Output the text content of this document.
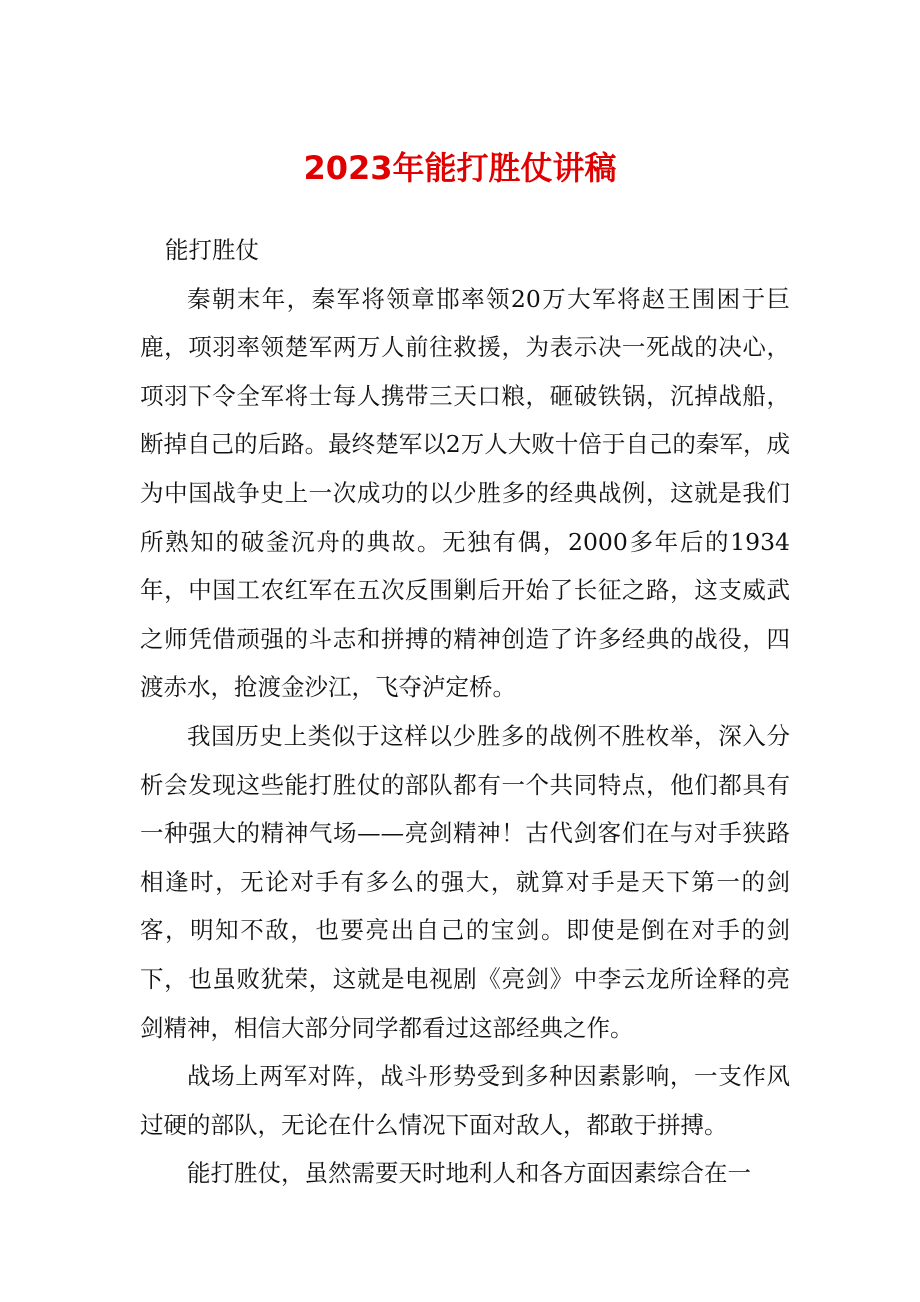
2023年能打胜仗讲稿

能打胜仗

秦朝末年，秦军将领章邯率领20万大军将赵王围困于巨鹿，项羽率领楚军两万人前往救援，为表示决一死战的决心，项羽下令全军将士每人携带三天口粮，砸破铁锅，沉掉战船，断掉自己的后路。最终楚军以2万人大败十倍于自己的秦军，成为中国战争史上一次成功的以少胜多的经典战例，这就是我们所熟知的破釜沉舟的典故。无独有偶，2000多年后的1934年，中国工农红军在五次反围剿后开始了长征之路，这支威武之师凭借顽强的斗志和拼搏的精神创造了许多经典的战役，四渡赤水，抢渡金沙江，飞夺泸定桥。

我国历史上类似于这样以少胜多的战例不胜枚举，深入分析会发现这些能打胜仗的部队都有一个共同特点，他们都具有一种强大的精神气场——亮剑精神！古代剑客们在与对手狭路相逢时，无论对手有多么的强大，就算对手是天下第一的剑客，明知不敌，也要亮出自己的宝剑。即使是倒在对手的剑下，也虽败犹荣，这就是电视剧《亮剑》中李云龙所诠释的亮剑精神，相信大部分同学都看过这部经典之作。

战场上两军对阵，战斗形势受到多种因素影响，一支作风过硬的部队，无论在什么情况下面对敌人，都敢于拼搏。

能打胜仗，虽然需要天时地利人和各方面因素综合在一
